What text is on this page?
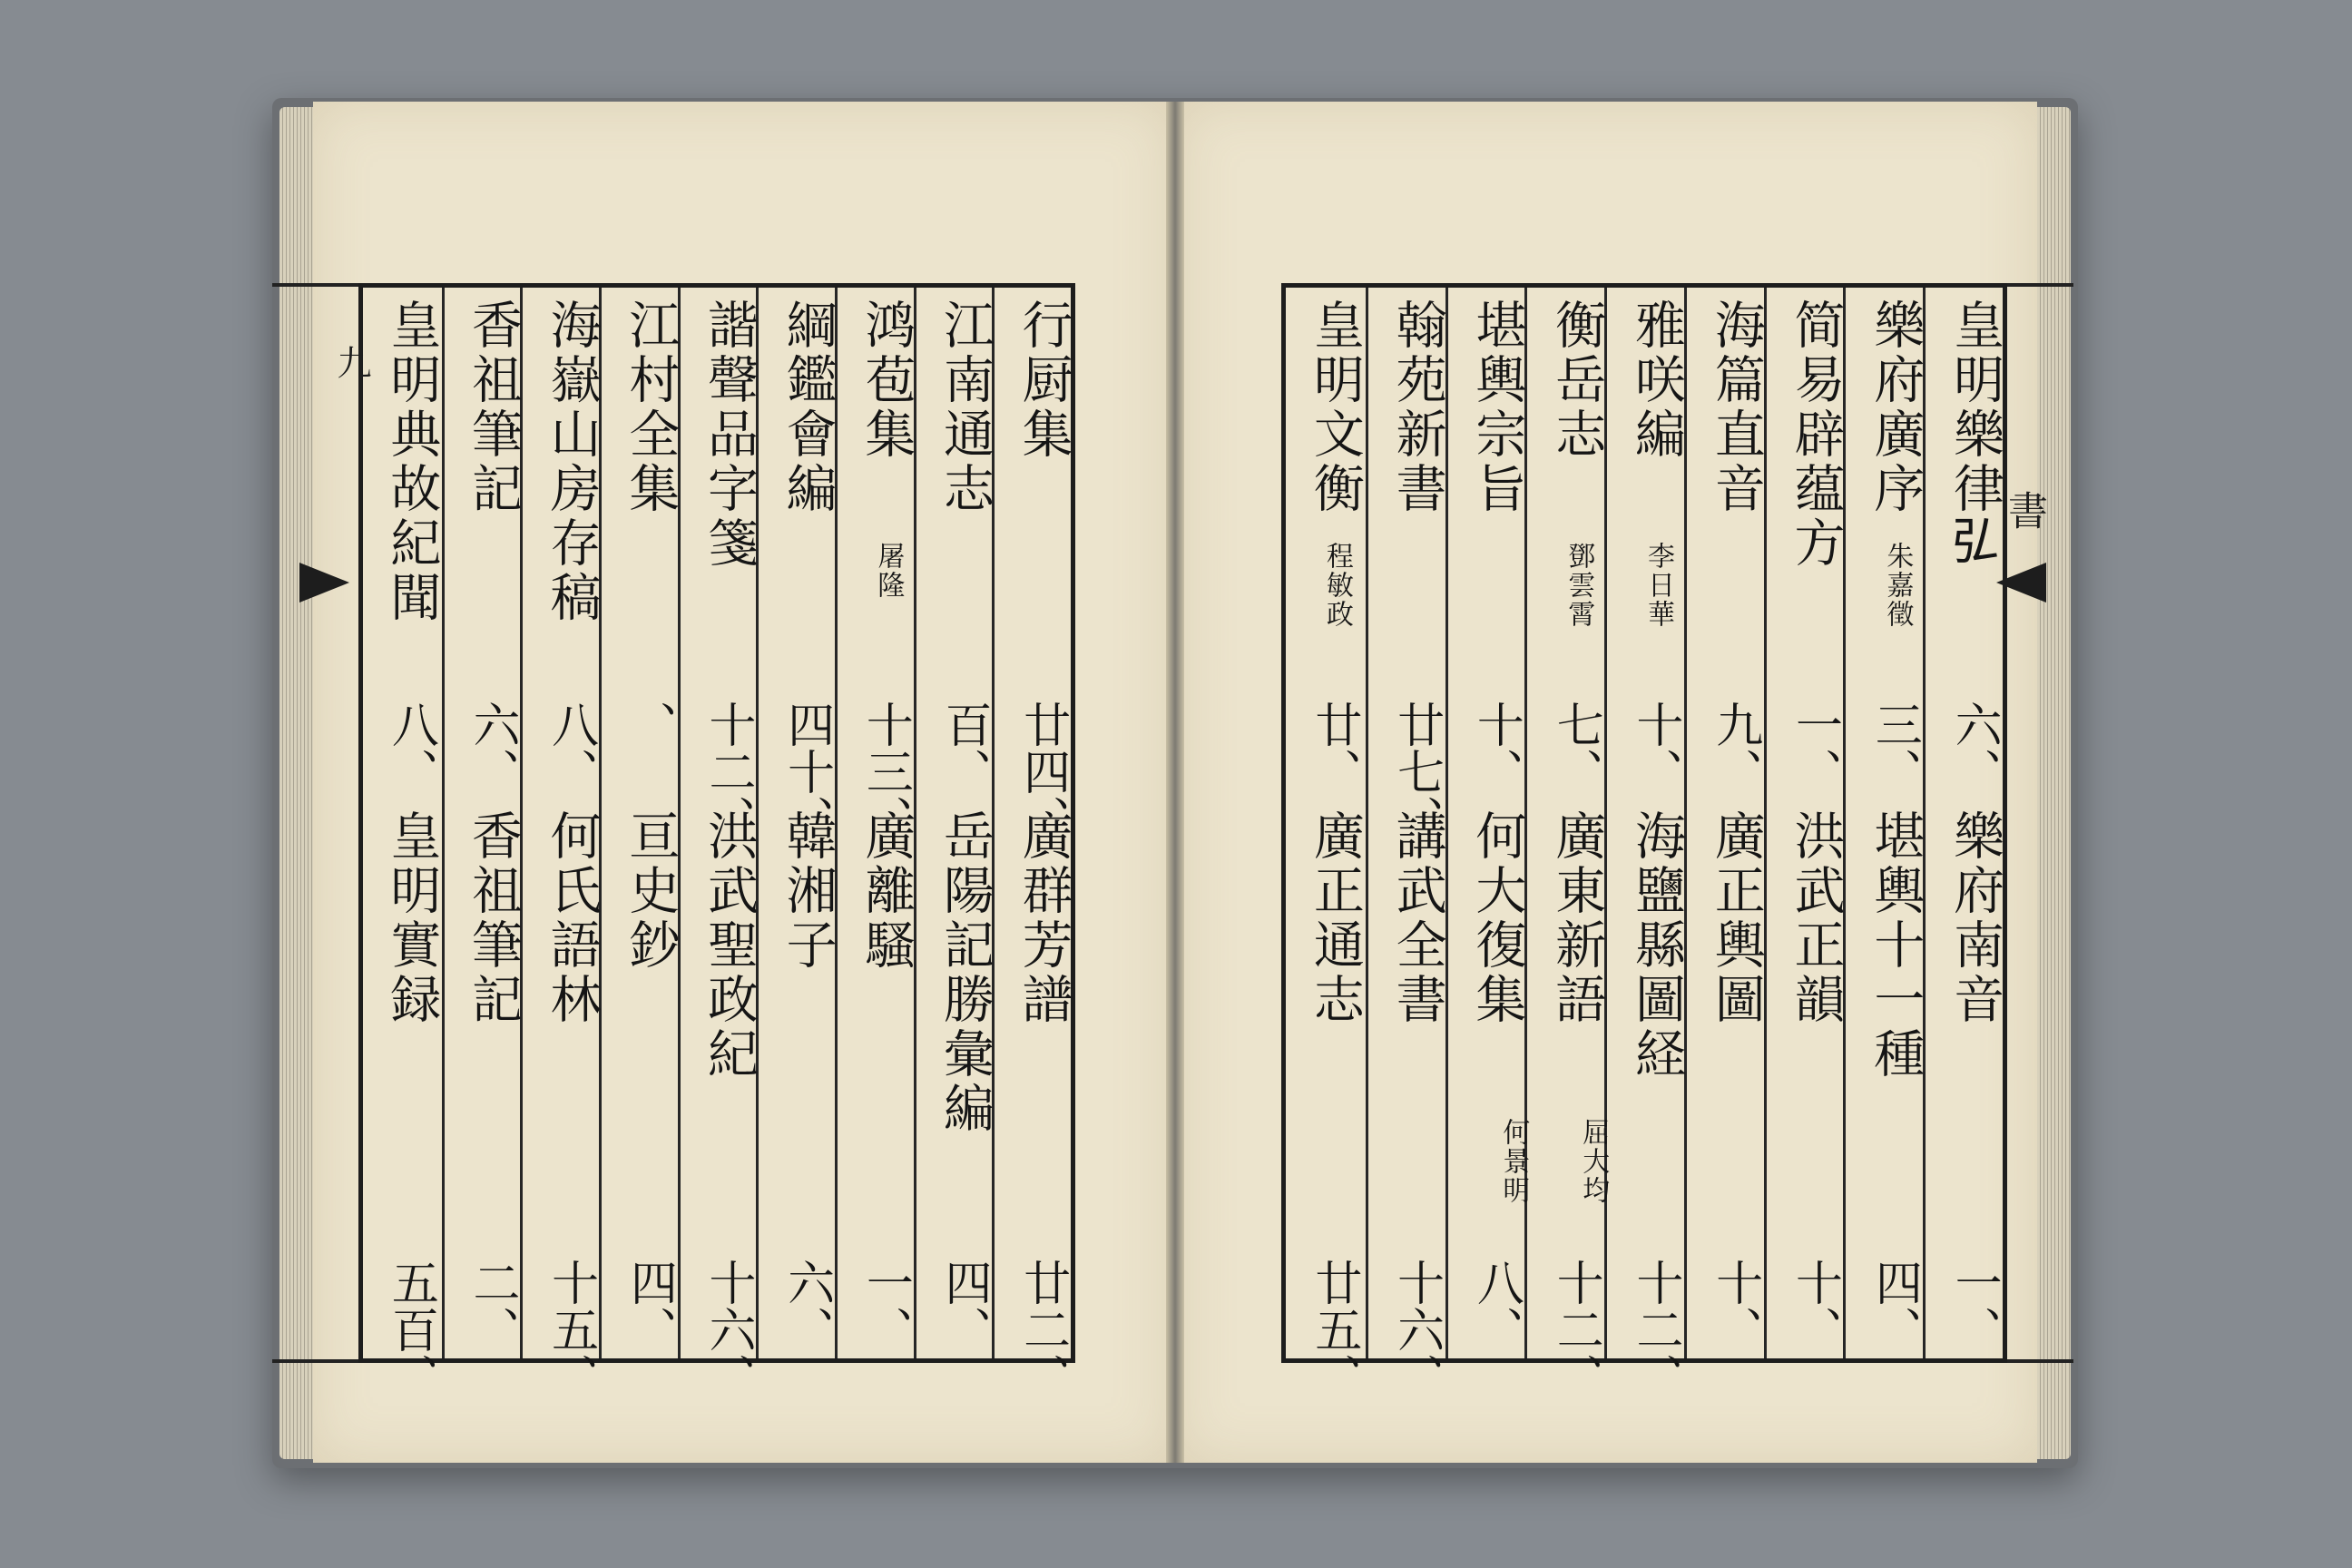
九
書
行厨集
廿四、
廣群芳譜
廿二、
江南通志
百、
岳陽記勝彙編
四、
鸿苞集
屠隆
十三、
廣離騷
一、
綱鑑會編
四十、
韓湘子
六、
諧聲品字箋
十二、
洪武聖政紀
十六、
江村全集
、
亘史鈔
四、
海嶽山房存稿
八、
何氏語林
十五、
香祖筆記
六、
香祖筆記
二、
皇明典故紀聞
八、
皇明實録
五百、
皇明樂律𢎞
六、
樂府南音
一、
樂府廣序
朱嘉徵
三、
堪輿十一種
四、
简易辟蕴方
一、
洪武正韻
十、
海篇直音
九、
廣正輿圖
十、
雅咲編
李日華
十、
海鹽縣圖経
十二、
衡岳志
鄧雲霄
七、
廣東新語
屈大均
十二、
堪輿宗旨
十、
何大復集
何景明
八、
翰苑新書
廿七、
講武全書
十六、
皇明文衡
程敏政
廿、
廣正通志
廿五、
